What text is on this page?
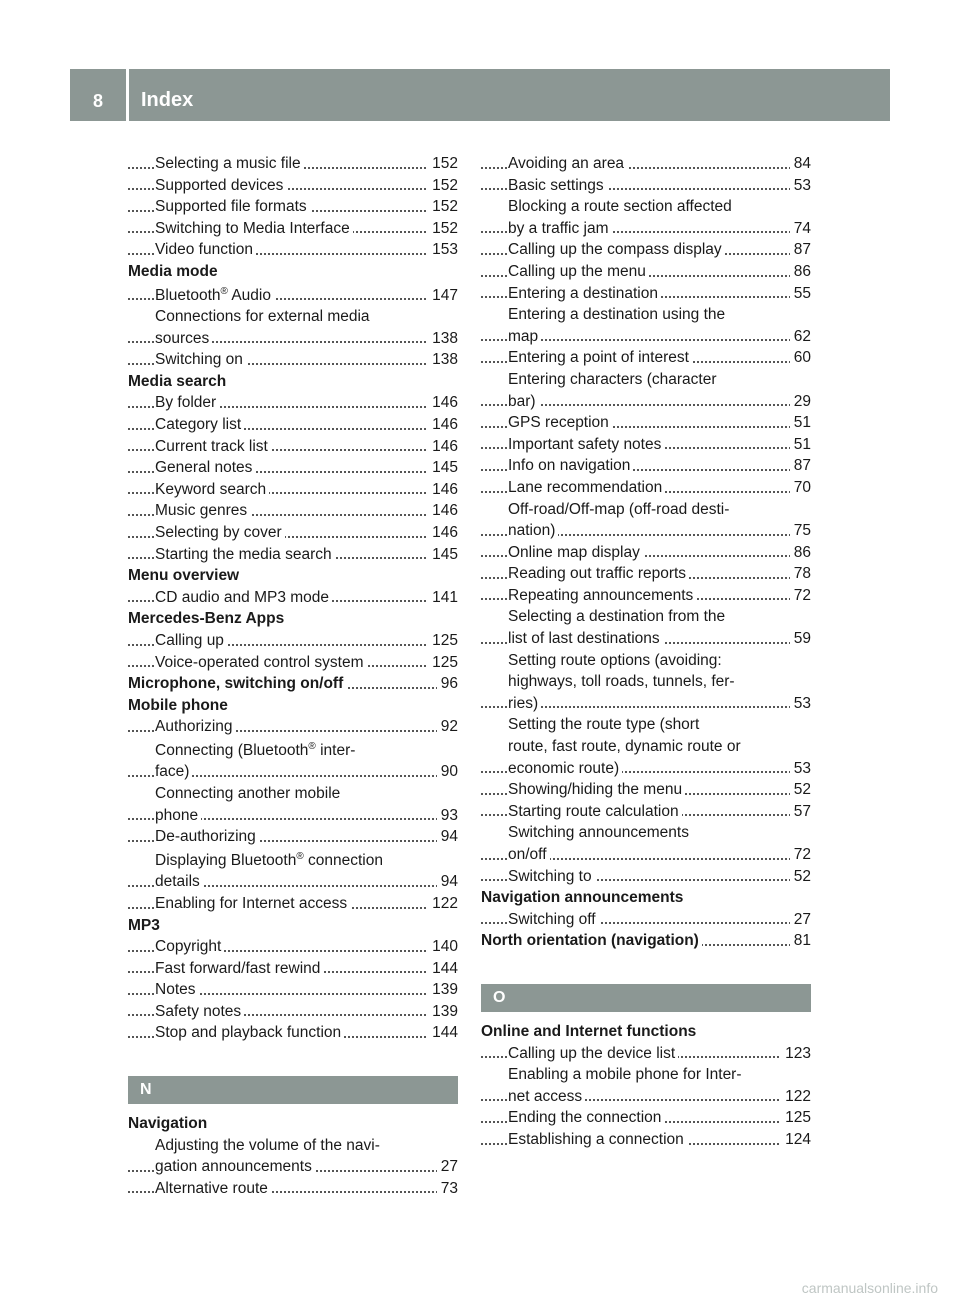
8	Index
Selecting a music file	152
Supported devices	152
Supported file formats	152
Switching to Media Interface	152
Video function	153
Media mode
Bluetooth® Audio	147
Connections for external media
sources	138
Switching on	138
Media search
By folder	146
Category list	146
Current track list	146
General notes	145
Keyword search	146
Music genres	146
Selecting by cover	146
Starting the media search	145
Menu overview
CD audio and MP3 mode	141
Mercedes-Benz Apps
Calling up	125
Voice-operated control system	125
Microphone, switching on/off	96
Mobile phone
Authorizing	92
Connecting (Bluetooth® inter-
face)	90
Connecting another mobile
phone	93
De-authorizing	94
Displaying Bluetooth® connection
details	94
Enabling for Internet access	122
MP3
Copyright	140
Fast forward/fast rewind	144
Notes	139
Safety notes	139
Stop and playback function	144
N
Navigation
Adjusting the volume of the navi-
gation announcements	27
Alternative route	73
Avoiding an area	84
Basic settings	53
Blocking a route section affected
by a traffic jam	74
Calling up the compass display	87
Calling up the menu	86
Entering a destination	55
Entering a destination using the
map	62
Entering a point of interest	60
Entering characters (character
bar)	29
GPS reception	51
Important safety notes	51
Info on navigation	87
Lane recommendation	70
Off-road/Off-map (off-road desti-
nation)	75
Online map display	86
Reading out traffic reports	78
Repeating announcements	72
Selecting a destination from the
list of last destinations	59
Setting route options (avoiding:
highways, toll roads, tunnels, fer-
ries)	53
Setting the route type (short
route, fast route, dynamic route or
economic route)	53
Showing/hiding the menu	52
Starting route calculation	57
Switching announcements
on/off	72
Switching to	52
Navigation announcements
Switching off	27
North orientation (navigation)	81
O
Online and Internet functions
Calling up the device list	123
Enabling a mobile phone for Inter-
net access	122
Ending the connection	125
Establishing a connection	124
carmanualsonline.info
